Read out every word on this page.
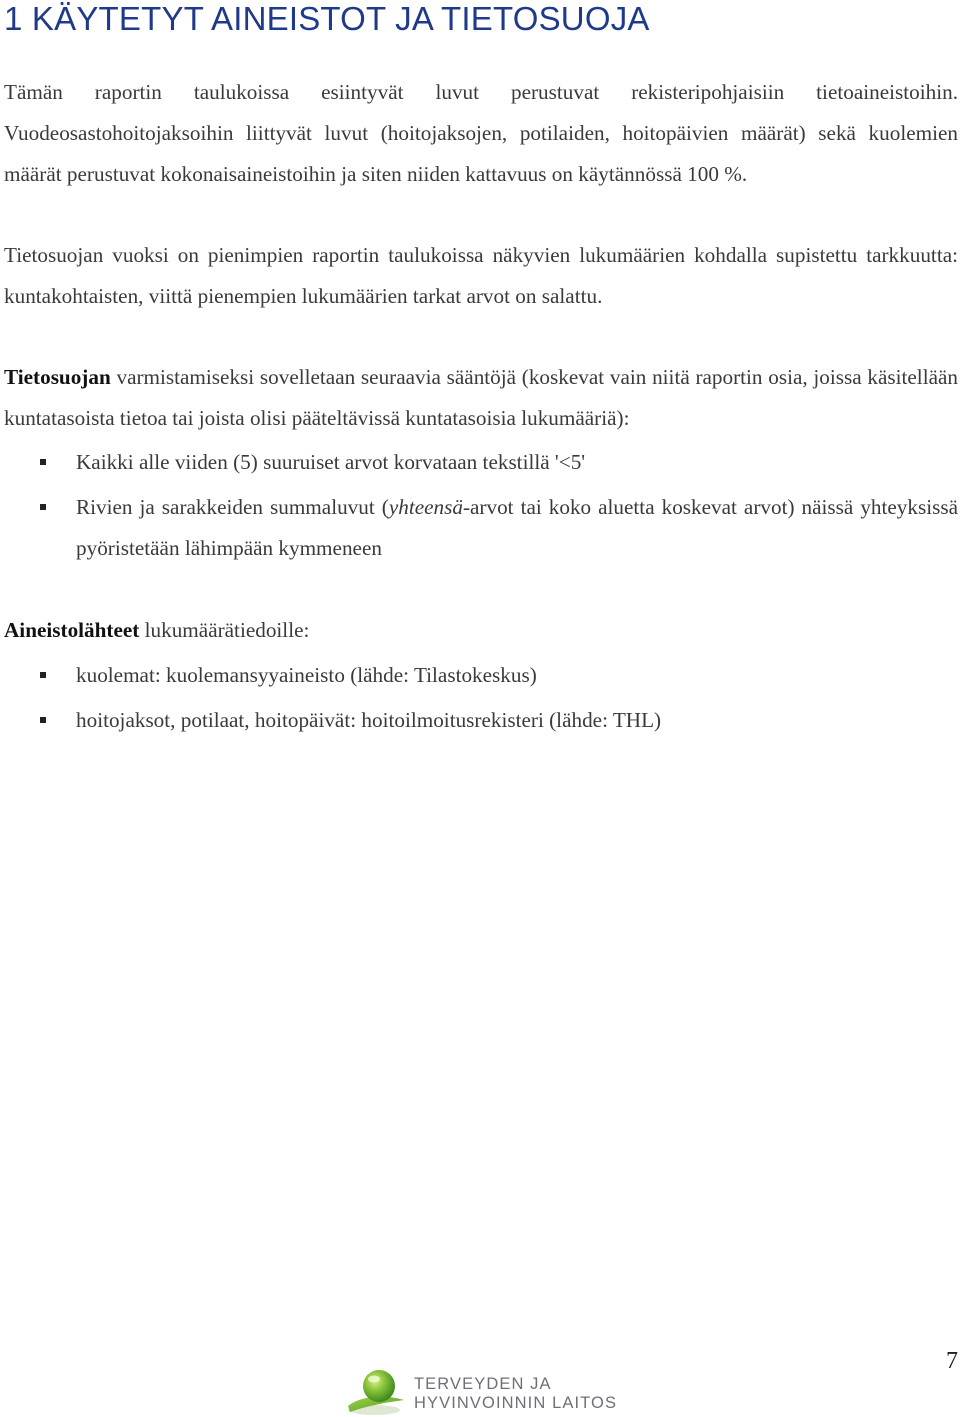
1 KÄYTETYT AINEISTOT JA TIETOSUOJA

Tämän raportin taulukoissa esiintyvät luvut perustuvat rekisteripohjaisiin tietoaineistoihin. Vuodeosastohoitojaksoihin liittyvät luvut (hoitojaksojen, potilaiden, hoitopäivien määrät) sekä kuolemien määrät perustuvat kokonaisaineistoihin ja siten niiden kattavuus on käytännössä 100 %.

Tietosuojan vuoksi on pienimpien raportin taulukoissa näkyvien lukumäärien kohdalla supistettu tarkkuutta: kuntakohtaisten, viittä pienempien lukumäärien tarkat arvot on salattu.

Tietosuojan varmistamiseksi sovelletaan seuraavia sääntöjä (koskevat vain niitä raportin osia, joissa käsitellään kuntatasoista tietoa tai joista olisi pääteltävissä kuntatasoisia lukumääriä):

Kaikki alle viiden (5) suuruiset arvot korvataan tekstillä '<5'
Rivien ja sarakkeiden summaluvut (yhteensä-arvot tai koko aluetta koskevat arvot) näissä yhteyksissä pyöristetään lähimpään kymmeneen

Aineistolähteet lukumäärätiedoille:

kuolemat: kuolemansyyaineisto (lähde: Tilastokeskus)
hoitojaksot, potilaat, hoitopäivät: hoitoilmoitusrekisteri (lähde: THL)
7
TERVEYDEN JA
HYVINVOINNIN LAITOS
